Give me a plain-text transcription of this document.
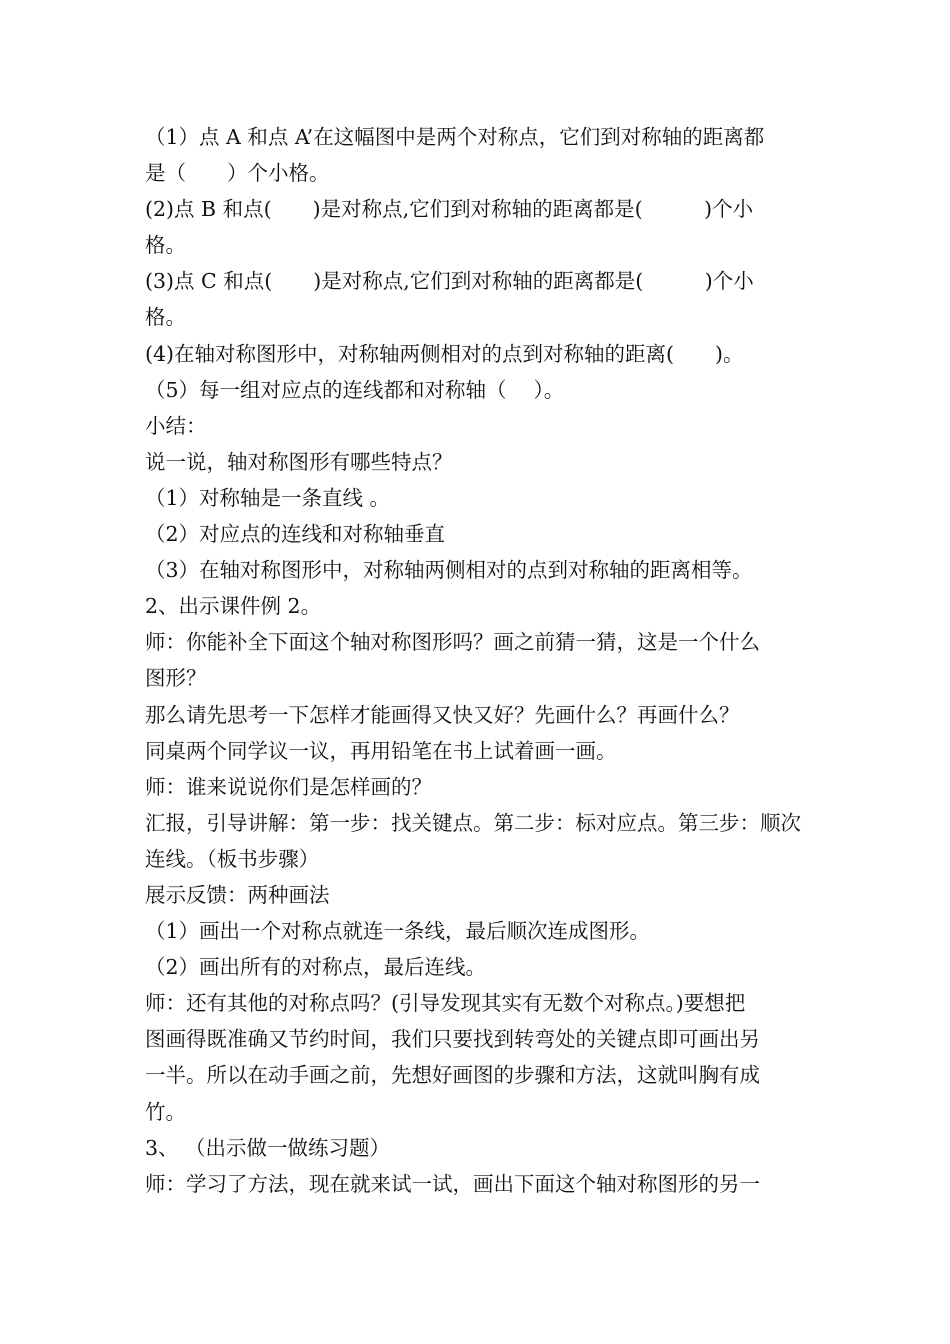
（1）点 A 和点 A’在这幅图中是两个对称点，它们到对称轴的距离都
是（　　）个小格。
(2)点 B 和点(　　)是对称点,它们到对称轴的距离都是(　　　)个小
格。
(3)点 C 和点(　　)是对称点,它们到对称轴的距离都是(　　　)个小
格。
(4)在轴对称图形中，对称轴两侧相对的点到对称轴的距离(　　)。
（5）每一组对应点的连线都和对称轴（　 ）。
小结：
说一说，轴对称图形有哪些特点？
（1）对称轴是一条直线 。
（2）对应点的连线和对称轴垂直
（3）在轴对称图形中，对称轴两侧相对的点到对称轴的距离相等。
2、出示课件例 2。
师：你能补全下面这个轴对称图形吗？画之前猜一猜，这是一个什么
图形？
那么请先思考一下怎样才能画得又快又好？先画什么？再画什么？
同桌两个同学议一议，再用铅笔在书上试着画一画。
师：谁来说说你们是怎样画的？
汇报，引导讲解：第一步：找关键点。第二步：标对应点。第三步：顺次
连线。（板书步骤）
展示反馈：两种画法
（1）画出一个对称点就连一条线，最后顺次连成图形。
（2）画出所有的对称点，最后连线。
师：还有其他的对称点吗？(引导发现其实有无数个对称点。)要想把
图画得既准确又节约时间，我们只要找到转弯处的关键点即可画出另
一半。所以在动手画之前，先想好画图的步骤和方法，这就叫胸有成
竹。
3、 （出示做一做练习题）
师：学习了方法，现在就来试一试，画出下面这个轴对称图形的另一
